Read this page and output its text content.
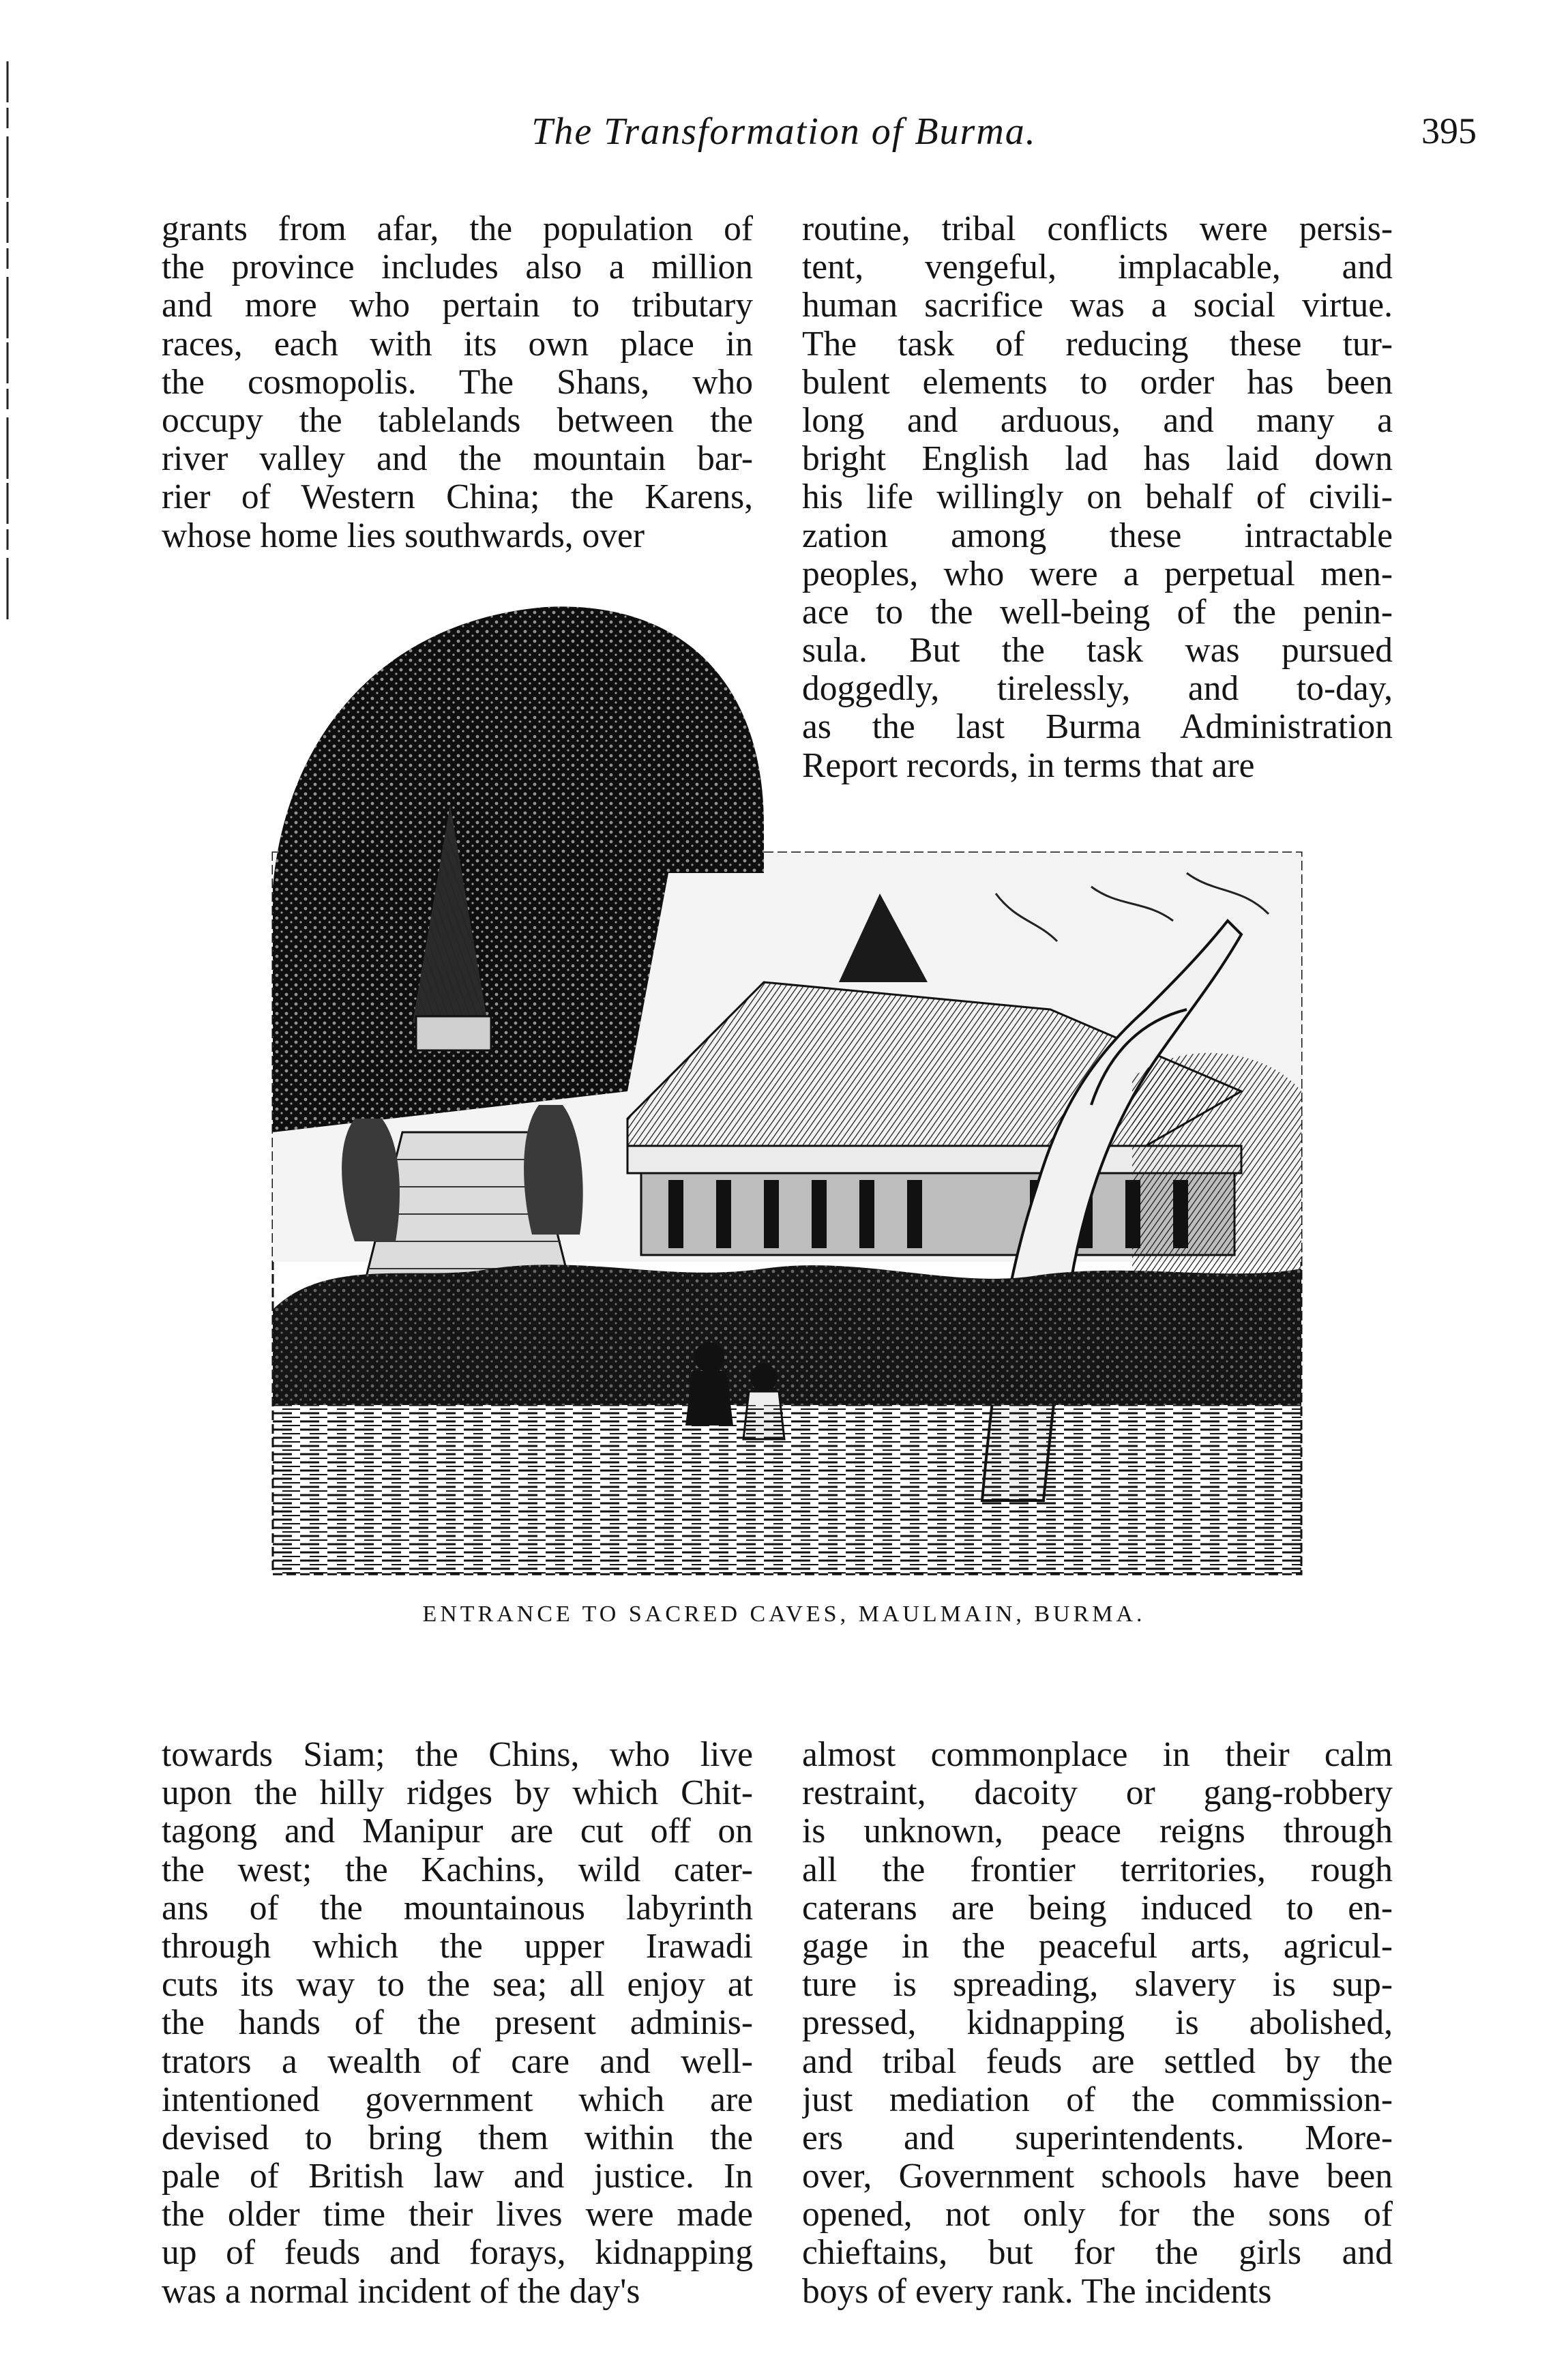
The Transformation of Burma.	395
grants from afar, the population of
the province includes also a million
and more who pertain to tributary
races, each with its own place in
the cosmopolis. The Shans, who
occupy the tablelands between the
river valley and the mountain bar-
rier of Western China; the Karens,
whose home lies southwards, over
routine, tribal conflicts were persis-
tent, vengeful, implacable, and
human sacrifice was a social virtue.
The task of reducing these tur-
bulent elements to order has been
long and arduous, and many a
bright English lad has laid down
his life willingly on behalf of civili-
zation among these intractable
peoples, who were a perpetual men-
ace to the well-being of the penin-
sula. But the task was pursued
doggedly, tirelessly, and to-day,
as the last Burma Administration
Report records, in terms that are
ENTRANCE TO SACRED CAVES, MAULMAIN, BURMA.
towards Siam; the Chins, who live
upon the hilly ridges by which Chit-
tagong and Manipur are cut off on
the west; the Kachins, wild cater-
ans of the mountainous labyrinth
through which the upper Irawadi
cuts its way to the sea; all enjoy at
the hands of the present adminis-
trators a wealth of care and well-
intentioned government which are
devised to bring them within the
pale of British law and justice. In
the older time their lives were made
up of feuds and forays, kidnapping
was a normal incident of the day's
almost commonplace in their calm
restraint, dacoity or gang-robbery
is unknown, peace reigns through
all the frontier territories, rough
caterans are being induced to en-
gage in the peaceful arts, agricul-
ture is spreading, slavery is sup-
pressed, kidnapping is abolished,
and tribal feuds are settled by the
just mediation of the commission-
ers and superintendents. More-
over, Government schools have been
opened, not only for the sons of
chieftains, but for the girls and
boys of every rank. The incidents
